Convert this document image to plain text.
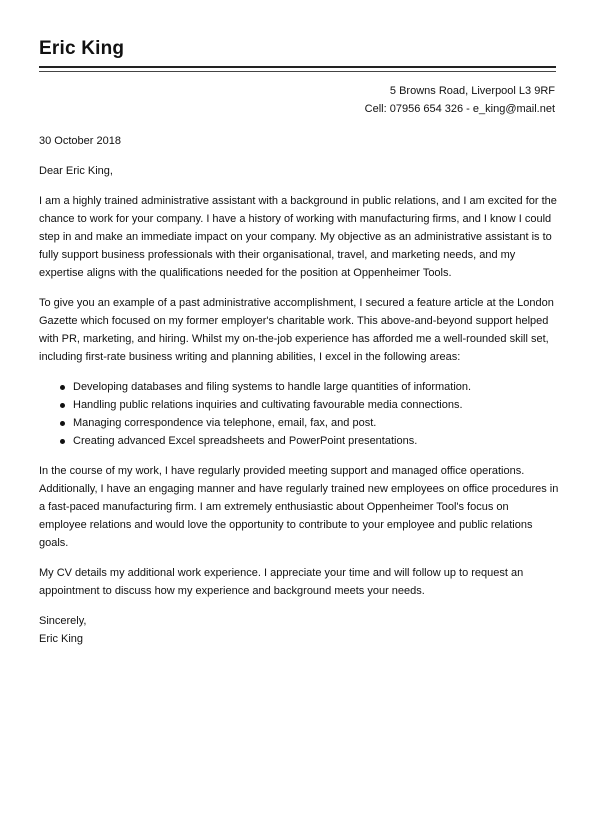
Eric King
5 Browns Road, Liverpool L3 9RF
Cell: 07956 654 326 - e_king@mail.net

30 October 2018

Dear Eric King,

I am a highly trained administrative assistant with a background in public relations, and I am excited for the chance to work for your company. I have a history of working with manufacturing firms, and I know I could step in and make an immediate impact on your company. My objective as an administrative assistant is to fully support business professionals with their organisational, travel, and marketing needs, and my expertise aligns with the qualifications needed for the position at Oppenheimer Tools.

To give you an example of a past administrative accomplishment, I secured a feature article at the London Gazette which focused on my former employer's charitable work. This above-and-beyond support helped with PR, marketing, and hiring. Whilst my on-the-job experience has afforded me a well-rounded skill set, including first-rate business writing and planning abilities, I excel in the following areas:

Developing databases and filing systems to handle large quantities of information.
Handling public relations inquiries and cultivating favourable media connections.
Managing correspondence via telephone, email, fax, and post.
Creating advanced Excel spreadsheets and PowerPoint presentations.

In the course of my work, I have regularly provided meeting support and managed office operations. Additionally, I have an engaging manner and have regularly trained new employees on office procedures in a fast-paced manufacturing firm. I am extremely enthusiastic about Oppenheimer Tool's focus on employee relations and would love the opportunity to contribute to your employee and public relations goals.

My CV details my additional work experience. I appreciate your time and will follow up to request an appointment to discuss how my experience and background meets your needs.

Sincerely,

Eric King
